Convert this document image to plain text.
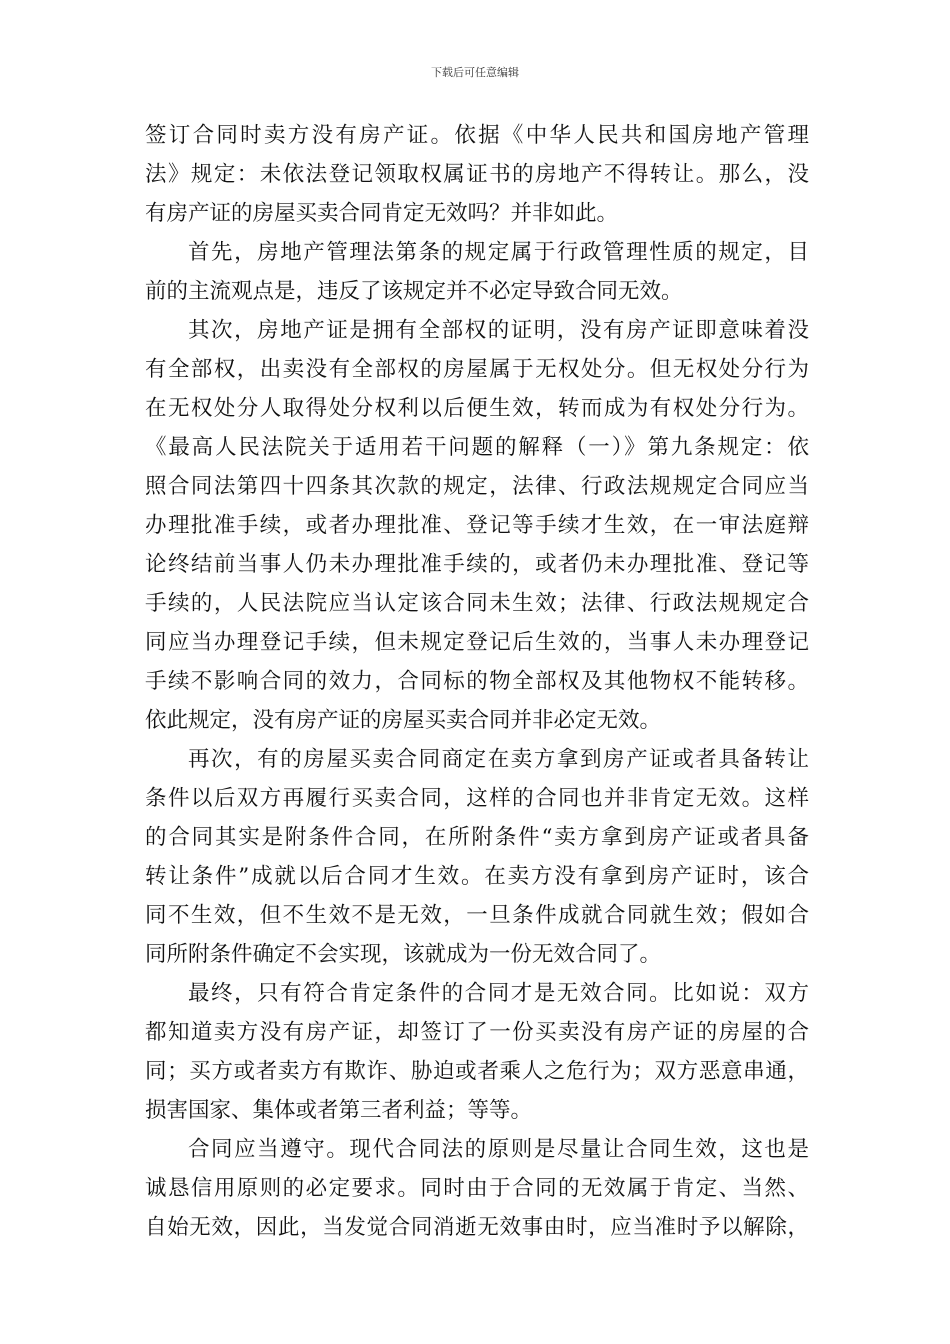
下载后可任意编辑
签订合同时卖方没有房产证。依据《中华人民共和国房地产管理
法》规定：未依法登记领取权属证书的房地产不得转让。那么，没
有房产证的房屋买卖合同肯定无效吗？并非如此。
首先，房地产管理法第条的规定属于行政管理性质的规定，目
前的主流观点是，违反了该规定并不必定导致合同无效。
其次，房地产证是拥有全部权的证明，没有房产证即意味着没
有全部权，出卖没有全部权的房屋属于无权处分。但无权处分行为
在无权处分人取得处分权利以后便生效，转而成为有权处分行为。
《最高人民法院关于适用若干问题的解释（一）》第九条规定：依
照合同法第四十四条其次款的规定，法律、行政法规规定合同应当
办理批准手续，或者办理批准、登记等手续才生效，在一审法庭辩
论终结前当事人仍未办理批准手续的，或者仍未办理批准、登记等
手续的，人民法院应当认定该合同未生效；法律、行政法规规定合
同应当办理登记手续，但未规定登记后生效的，当事人未办理登记
手续不影响合同的效力，合同标的物全部权及其他物权不能转移。
依此规定，没有房产证的房屋买卖合同并非必定无效。
再次，有的房屋买卖合同商定在卖方拿到房产证或者具备转让
条件以后双方再履行买卖合同，这样的合同也并非肯定无效。这样
的合同其实是附条件合同，在所附条件“卖方拿到房产证或者具备
转让条件”成就以后合同才生效。在卖方没有拿到房产证时，该合
同不生效，但不生效不是无效，一旦条件成就合同就生效；假如合
同所附条件确定不会实现，该就成为一份无效合同了。
最终，只有符合肯定条件的合同才是无效合同。比如说：双方
都知道卖方没有房产证，却签订了一份买卖没有房产证的房屋的合
同；买方或者卖方有欺诈、胁迫或者乘人之危行为；双方恶意串通，
损害国家、集体或者第三者利益；等等。
合同应当遵守。现代合同法的原则是尽量让合同生效，这也是
诚恳信用原则的必定要求。同时由于合同的无效属于肯定、当然、
自始无效，因此，当发觉合同消逝无效事由时，应当准时予以解除，
